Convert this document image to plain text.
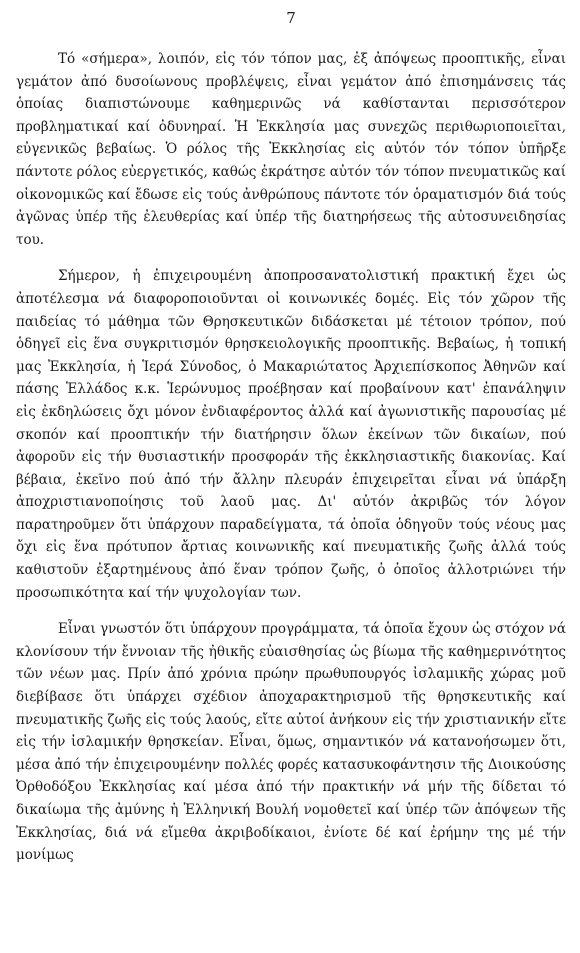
7

Τό «σήμερα», λοιπόν, εἰς τόν τόπον μας, ἐξ ἀπόψεως προοπτικῆς, εἶναι γεμάτον ἀπό δυσοίωνους προβλέψεις, εἶναι γεμάτον ἀπό ἐπισημάνσεις τάς ὁποίας διαπιστώνουμε καθημερινῶς νά καθίστανται περισσότερον προβληματικαί καί ὀδυνηραί. Ἡ Ἐκκλησία μας συνεχῶς περιθωριοποιεῖται, εὐγενικῶς βεβαίως. Ὁ ρόλος τῆς Ἐκκλησίας εἰς αὐτόν τόν τόπον ὑπῆρξε πάντοτε ρόλος εὐεργετικός, καθώς ἐκράτησε αὐτόν τόν τόπον πνευματικῶς καί οἰκονομικῶς καί ἔδωσε εἰς τούς ἀνθρώπους πάντοτε τόν ὁραματισμόν διά τούς ἀγῶνας ὑπέρ τῆς ἐλευθερίας καί ὑπέρ τῆς διατηρήσεως τῆς αὐτοσυνειδησίας του.

Σήμερον, ἡ ἐπιχειρουμένη ἀποπροσανατολιστική πρακτική ἔχει ὡς ἀποτέλεσμα νά διαφοροποιοῦνται οἱ κοινωνικές δομές. Εἰς τόν χῶρον τῆς παιδείας τό μάθημα τῶν Θρησκευτικῶν διδάσκεται μέ τέτοιον τρόπον, πού ὁδηγεῖ εἰς ἕνα συγκριτισμόν θρησκειολογικῆς προοπτικῆς. Βεβαίως, ἡ τοπική μας Ἐκκλησία, ἡ Ἱερά Σύνοδος, ὁ Μακαριώτατος Ἀρχιεπίσκοπος Ἀθηνῶν καί πάσης Ἑλλάδος κ.κ. Ἱερώνυμος προέβησαν καί προβαίνουν κατ' ἐπανάληψιν εἰς ἐκδηλώσεις ὄχι μόνον ἐνδιαφέροντος ἀλλά καί ἀγωνιστικῆς παρουσίας μέ σκοπόν καί προοπτικήν τήν διατήρησιν ὅλων ἐκείνων τῶν δικαίων, πού ἀφοροῦν εἰς τήν θυσιαστικήν προσφοράν τῆς ἐκκλησιαστικῆς διακονίας. Καί βέβαια, ἐκεῖνο πού ἀπό τήν ἄλλην πλευράν ἐπιχειρεῖται εἶναι νά ὑπάρξη ἀποχριστιανοποίησις τοῦ λαοῦ μας. Δι' αὐτόν ἀκριβῶς τόν λόγον παρατηροῦμεν ὅτι ὑπάρχουν παραδείγματα, τά ὁποῖα ὁδηγοῦν τούς νέους μας ὄχι εἰς ἕνα πρότυπον ἄρτιας κοινωνικῆς καί πνευματικῆς ζωῆς ἀλλά τούς καθιστοῦν ἐξαρτημένους ἀπό ἕναν τρόπον ζωῆς, ὁ ὁποῖος ἀλλοτριώνει τήν προσωπικότητα καί τήν ψυχολογίαν των.

Εἶναι γνωστόν ὅτι ὑπάρχουν προγράμματα, τά ὁποῖα ἔχουν ὡς στόχον νά κλονίσουν τήν ἔννοιαν τῆς ἠθικῆς εὐαισθησίας ὡς βίωμα τῆς καθημερινότητος τῶν νέων μας. Πρίν ἀπό χρόνια πρώην πρωθυπουργός ἰσλαμικῆς χώρας μοῦ διεβίβασε ὅτι ὑπάρχει σχέδιον ἀποχαρακτηρισμοῦ τῆς θρησκευτικῆς καί πνευματικῆς ζωῆς εἰς τούς λαούς, εἴτε αὐτοί ἀνήκουν εἰς τήν χριστιανικήν εἴτε εἰς τήν ἰσλαμικήν θρησκείαν. Εἶναι, ὅμως, σημαντικόν νά κατανοήσωμεν ὅτι, μέσα ἀπό τήν ἐπιχειρουμένην πολλές φορές κατασυκοφάντησιν τῆς Διοικούσης Ὀρθοδόξου Ἐκκλησίας καί μέσα ἀπό τήν πρακτικήν νά μήν τῆς δίδεται τό δικαίωμα τῆς ἀμύνης ἡ Ἑλληνική Βουλή νομοθετεῖ καί ὑπέρ τῶν ἀπόψεων τῆς Ἐκκλησίας, διά νά εἴμεθα ἀκριβοδίκαιοι, ἐνίοτε δέ καί ἐρήμην της μέ τήν μονίμως
